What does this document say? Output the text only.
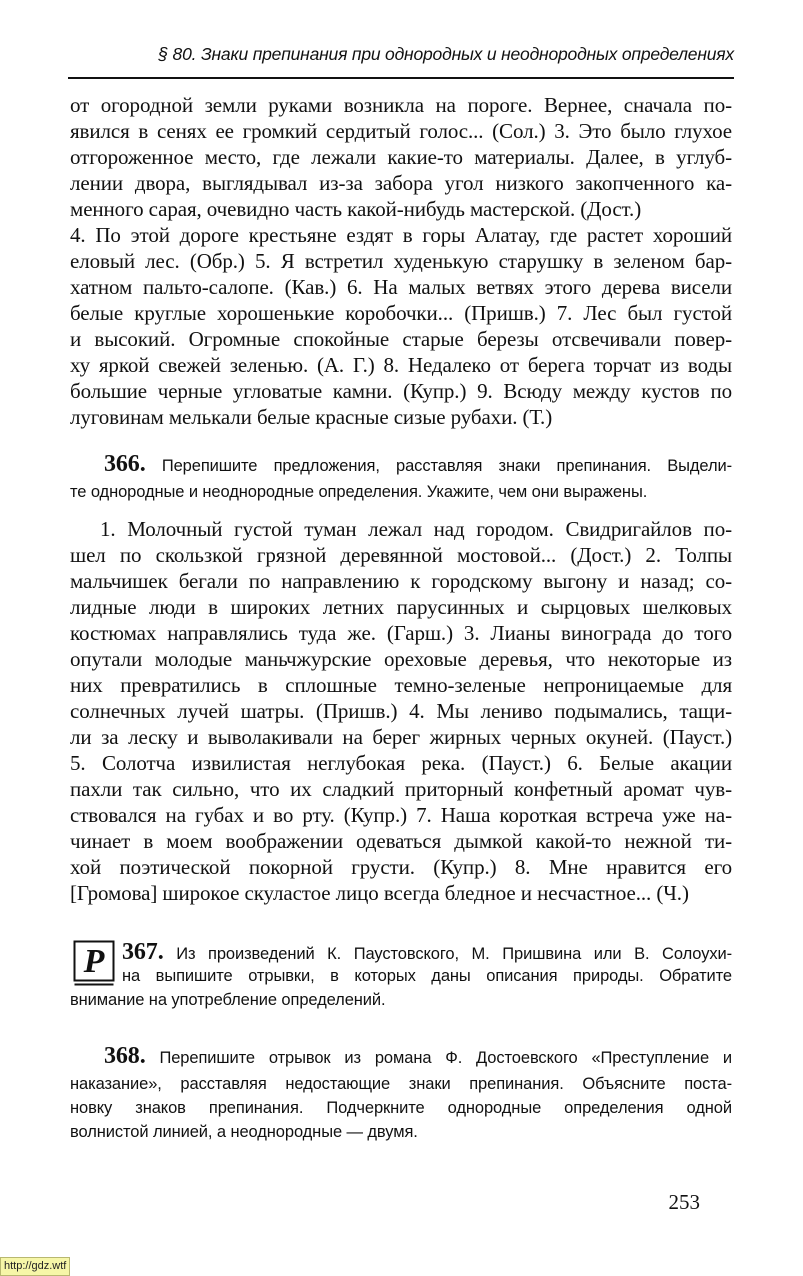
§ 80. Знаки препинания при однородных и неоднородных определениях
от огородной земли руками возникла на пороге. Вернее, сначала по-
явился в сенях ее громкий сердитый голос... (Сол.) 3. Это было глухое
отгороженное место, где лежали какие-то материалы. Далее, в углуб-
лении двора, выглядывал из-за забора угол низкого закопченного ка-
менного сарая, очевидно часть какой-нибудь мастерской. (Дост.)
4. По этой дороге крестьяне ездят в горы Алатау, где растет хороший
еловый лес. (Обр.) 5. Я встретил худенькую старушку в зеленом бар-
хатном пальто-салопе. (Кав.) 6. На малых ветвях этого дерева висели
белые круглые хорошенькие коробочки... (Пришв.) 7. Лес был густой
и высокий. Огромные спокойные старые березы отсвечивали повер-
ху яркой свежей зеленью. (А. Г.) 8. Недалеко от берега торчат из воды
большие черные угловатые камни. (Купр.) 9. Всюду между кустов по
луговинам мелькали белые красные сизые рубахи. (Т.)
366. Перепишите предложения, расставляя знаки препинания. Выдели-
те однородные и неоднородные определения. Укажите, чем они выражены.
1. Молочный густой туман лежал над городом. Свидригайлов по-
шел по скользкой грязной деревянной мостовой... (Дост.) 2. Толпы
мальчишек бегали по направлению к городскому выгону и назад; со-
лидные люди в широких летних парусинных и сырцовых шелковых
костюмах направлялись туда же. (Гарш.) 3. Лианы винограда до того
опутали молодые маньчжурские ореховые деревья, что некоторые из
них превратились в сплошные темно-зеленые непроницаемые для
солнечных лучей шатры. (Пришв.) 4. Мы лениво подымались, тащи-
ли за леску и выволакивали на берег жирных черных окуней. (Пауст.)
5. Солотча извилистая неглубокая река. (Пауст.) 6. Белые акации
пахли так сильно, что их сладкий приторный конфетный аромат чув-
ствовался на губах и во рту. (Купр.) 7. Наша короткая встреча уже на-
чинает в моем воображении одеваться дымкой какой-то нежной ти-
хой поэтической покорной грусти. (Купр.) 8. Мне нравится его
[Громова] широкое скуластое лицо всегда бледное и несчастное... (Ч.)
Р 367. Из произведений К. Паустовского, М. Пришвина или В. Солоухи-
на выпишите отрывки, в которых даны описания природы. Обратите
внимание на употребление определений.
368. Перепишите отрывок из романа Ф. Достоевского «Преступление и
наказание», расставляя недостающие знаки препинания. Объясните поста-
новку знаков препинания. Подчеркните однородные определения одной
волнистой линией, а неоднородные — двумя.
253
http://gdz.wtf
